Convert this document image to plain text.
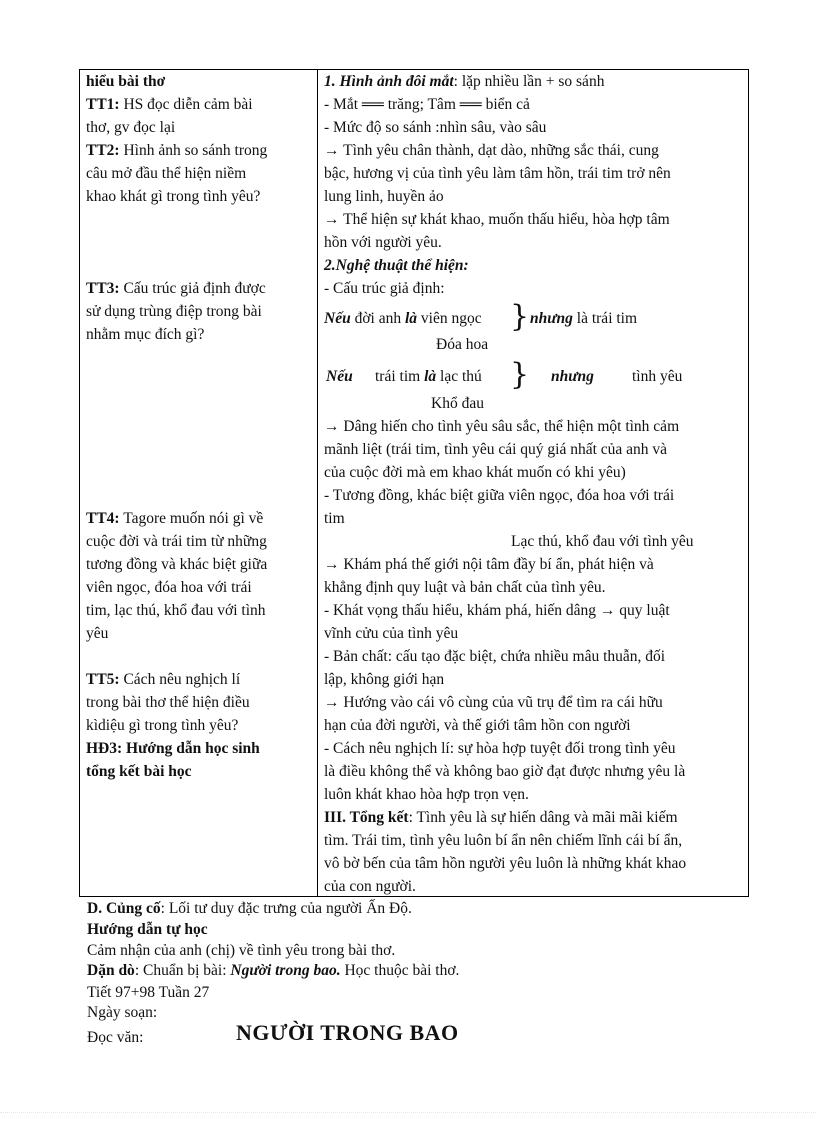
hiểu bài thơ
TT1: HS đọc diễn cảm bài
thơ, gv đọc lại
TT2: Hình ảnh so sánh trong
câu mở đầu thể hiện niềm
khao khát gì trong tình yêu?
TT3: Cấu trúc giả định được
sử dụng trùng điệp trong bài
nhằm mục đích gì?
TT4: Tagore muốn nói gì về
cuộc đời và trái tim từ những
tương đồng và khác biệt giữa
viên ngọc, đóa hoa với trái
tim, lạc thú, khổ đau với tình
yêu
TT5: Cách nêu nghịch lí
trong bài thơ thể hiện điều
kìdiệu gì trong tình yêu?
HĐ3: Hướng dẫn học sinh
tổng kết bài học
1. Hình ảnh đôi mắt: lặp nhiều lần + so sánh
- Mắt ══ trăng; Tâm ══ biển cả
- Mức độ so sánh :nhìn sâu, vào sâu
→ Tình yêu chân thành, dạt dào, những sắc thái, cung
bậc, hương vị của tình yêu làm tâm hồn, trái tim trở nên
lung linh, huyền ảo
→ Thể hiện sự khát khao, muốn thấu hiểu, hòa hợp tâm
hồn với người yêu.
2.Nghệ thuật thể hiện:
- Cấu trúc giả định:
Nếu đời anh là viên ngọc } nhưng là trái tim
Đóa hoa
Nếu trái tim là lạc thú } nhưng tình yêu
Khổ đau
→ Dâng hiến cho tình yêu sâu sắc, thể hiện một tình cảm
mãnh liệt (trái tim, tình yêu cái quý giá nhất của anh và
của cuộc đời mà em khao khát muốn có khi yêu)
- Tương đồng, khác biệt giữa viên ngọc, đóa hoa với trái
tim
Lạc thú, khổ đau với tình yêu
→ Khám phá thế giới nội tâm đầy bí ẩn, phát hiện và
khẳng định quy luật và bản chất của tình yêu.
- Khát vọng thấu hiểu, khám phá, hiến dâng → quy luật
vĩnh cửu của tình yêu
- Bản chất: cấu tạo đặc biệt, chứa nhiều mâu thuẫn, đối
lập, không giới hạn
→ Hướng vào cái vô cùng của vũ trụ để tìm ra cái hữu
hạn của đời người, và thế giới tâm hồn con người
- Cách nêu nghịch lí: sự hòa hợp tuyệt đối trong tình yêu
là điều không thể và không bao giờ đạt được nhưng yêu là
luôn khát khao hòa hợp trọn vẹn.
III. Tổng kết: Tình yêu là sự hiến dâng và mãi mãi kiếm
tìm. Trái tim, tình yêu luôn bí ẩn nên chiếm lĩnh cái bí ẩn,
vô bờ bến của tâm hồn người yêu luôn là những khát khao
của con người.
D. Củng cố: Lối tư duy đặc trưng của người Ấn Độ.
Hướng dẫn tự học
Cảm nhận của anh (chị) về tình yêu trong bài thơ.
Dặn dò: Chuẩn bị bài: Người trong bao. Học thuộc bài thơ.
Tiết 97+98 Tuần 27
Ngày soạn:
Đọc văn:	NGƯỜI TRONG BAO
